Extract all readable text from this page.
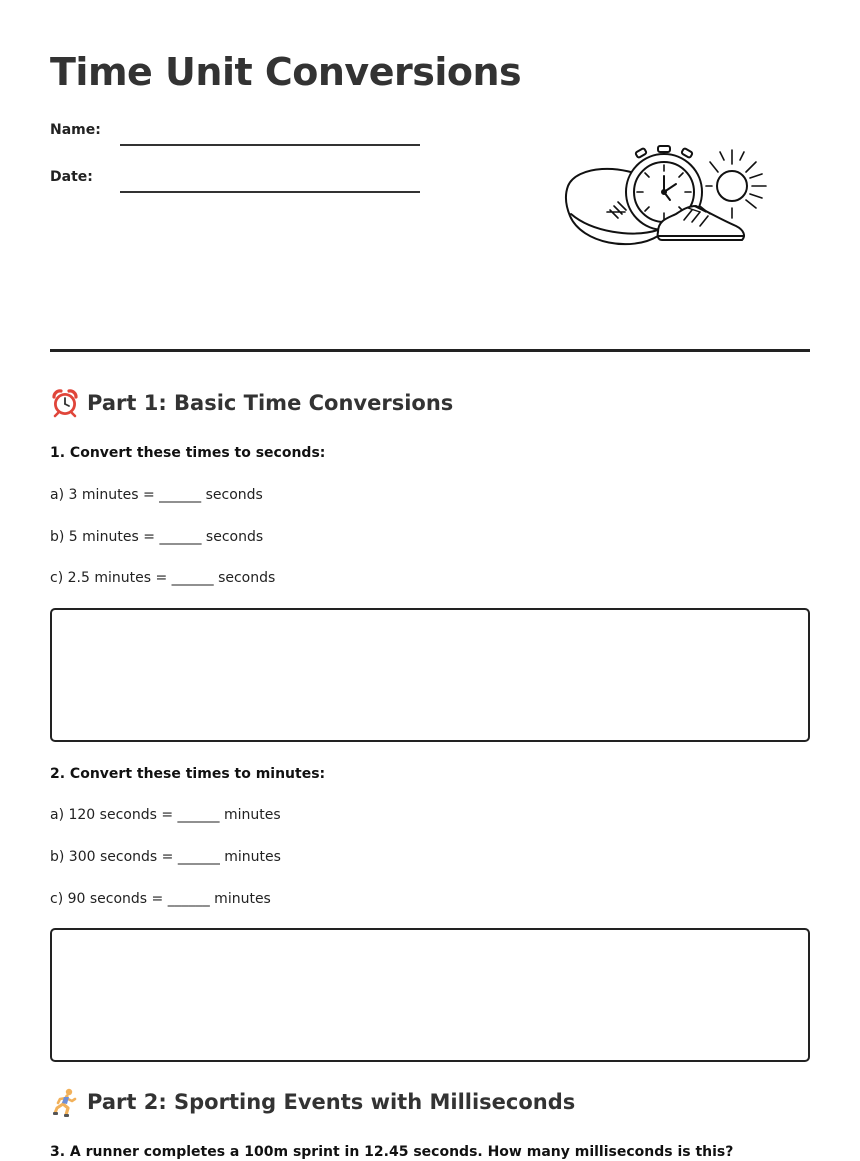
Time Unit Conversions
Name:
Date:
Part 1: Basic Time Conversions
1. Convert these times to seconds:
a) 3 minutes = ______ seconds
b) 5 minutes = ______ seconds
c) 2.5 minutes = ______ seconds
2. Convert these times to minutes:
a) 120 seconds = ______ minutes
b) 300 seconds = ______ minutes
c) 90 seconds = ______ minutes
Part 2: Sporting Events with Milliseconds
3. A runner completes a 100m sprint in 12.45 seconds. How many milliseconds is this?
